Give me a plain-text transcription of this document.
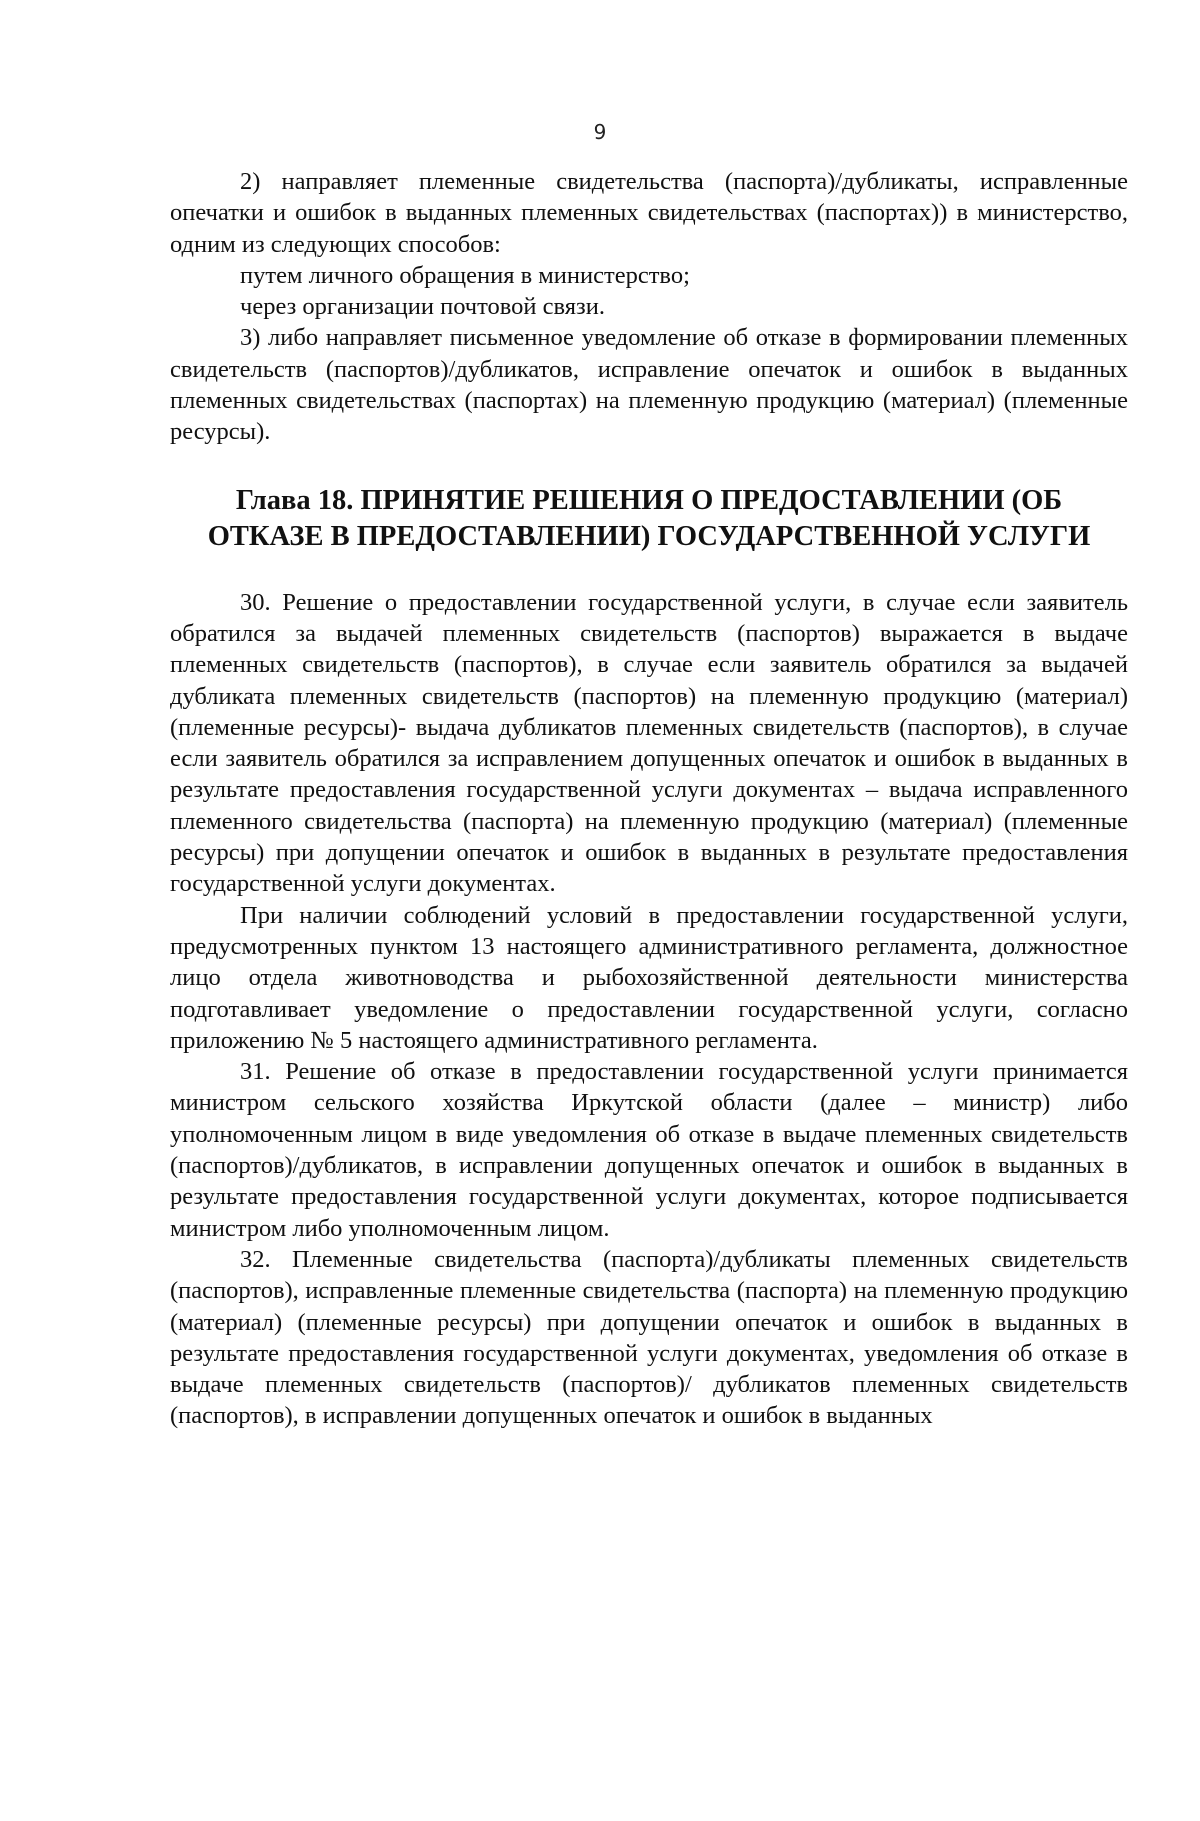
9

2) направляет племенные свидетельства (паспорта)/дубликаты, исправленные опечатки и ошибок в выданных племенных свидетельствах (паспортах)) в министерство, одним из следующих способов:

путем личного обращения в министерство;

через организации почтовой связи.

3) либо направляет письменное уведомление об отказе в формировании племенных свидетельств (паспортов)/дубликатов, исправление опечаток и ошибок в выданных племенных свидетельствах (паспортах) на племенную продукцию (материал) (племенные ресурсы).

Глава 18. ПРИНЯТИЕ РЕШЕНИЯ О ПРЕДОСТАВЛЕНИИ (ОБ
ОТКАЗЕ В ПРЕДОСТАВЛЕНИИ) ГОСУДАРСТВЕННОЙ УСЛУГИ

30. Решение о предоставлении государственной услуги, в случае если заявитель обратился за выдачей племенных свидетельств (паспортов) выражается в выдаче племенных свидетельств (паспортов), в случае если заявитель обратился за выдачей дубликата племенных свидетельств (паспортов) на племенную продукцию (материал) (племенные ресурсы)- выдача дубликатов племенных свидетельств (паспортов), в случае если заявитель обратился за исправлением допущенных опечаток и ошибок в выданных в результате предоставления государственной услуги документах – выдача исправленного племенного свидетельства (паспорта) на племенную продукцию (материал) (племенные ресурсы) при допущении опечаток и ошибок в выданных в результате предоставления государственной услуги документах.

При наличии соблюдений условий в предоставлении государственной услуги, предусмотренных пунктом 13 настоящего административного регламента, должностное лицо отдела животноводства и рыбохозяйственной деятельности министерства подготавливает уведомление о предоставлении государственной услуги, согласно приложению № 5 настоящего административного регламента.

31. Решение об отказе в предоставлении государственной услуги принимается министром сельского хозяйства Иркутской области (далее – министр) либо уполномоченным лицом в виде уведомления об отказе в выдаче племенных свидетельств (паспортов)/дубликатов, в исправлении допущенных опечаток и ошибок в выданных в результате предоставления государственной услуги документах, которое подписывается министром либо уполномоченным лицом.

32. Племенные свидетельства (паспорта)/дубликаты племенных свидетельств (паспортов), исправленные племенные свидетельства (паспорта) на племенную продукцию (материал) (племенные ресурсы) при допущении опечаток и ошибок в выданных в результате предоставления государственной услуги документах, уведомления об отказе в выдаче племенных свидетельств (паспортов)/ дубликатов племенных свидетельств (паспортов), в исправлении допущенных опечаток и ошибок в выданных
